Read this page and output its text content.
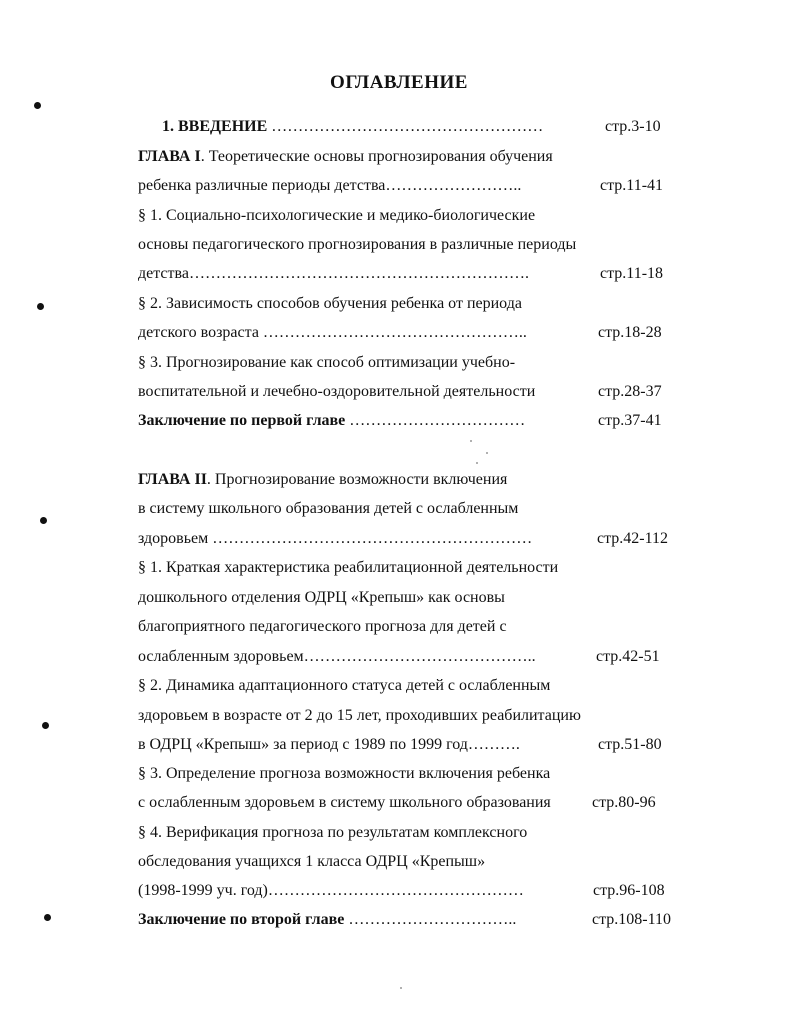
ОГЛАВЛЕНИЕ
1. ВВЕДЕНИЕ ……………………………………………	стр.3-10
ГЛАВА I. Теоретические основы прогнозирования обучения
ребенка различные периоды детства……………………..	стр.11-41
§ 1. Социально-психологические и медико-биологические
основы педагогического прогнозирования в различные периоды
детства……………………………………………………….	стр.11-18
§ 2. Зависимость способов обучения ребенка от периода
детского возраста …………………………………………..	стр.18-28
§ 3. Прогнозирование как способ оптимизации учебно-
воспитательной и лечебно-оздоровительной деятельности	стр.28-37
Заключение по первой главе ……………………………	стр.37-41
ГЛАВА II. Прогнозирование возможности включения
в систему школьного образования детей с ослабленным
здоровьем ……………………………………………………	стр.42-112
§ 1. Краткая характеристика реабилитационной деятельности
дошкольного отделения ОДРЦ «Крепыш» как основы
благоприятного педагогического прогноза для детей с
ослабленным здоровьем……………………………………..	стр.42-51
§ 2. Динамика адаптационного статуса детей с ослабленным
здоровьем в возрасте от 2 до 15 лет, проходивших реабилитацию
в ОДРЦ «Крепыш» за период с 1989 по 1999 год……….	стр.51-80
§ 3. Определение прогноза возможности включения ребенка
с ослабленным здоровьем в систему школьного образования	стр.80-96
§ 4. Верификация прогноза по результатам комплексного
обследования учащихся 1 класса ОДРЦ «Крепыш»
(1998-1999 уч. год)…………………………………………	стр.96-108
Заключение по второй главе …………………………..	стр.108-110
